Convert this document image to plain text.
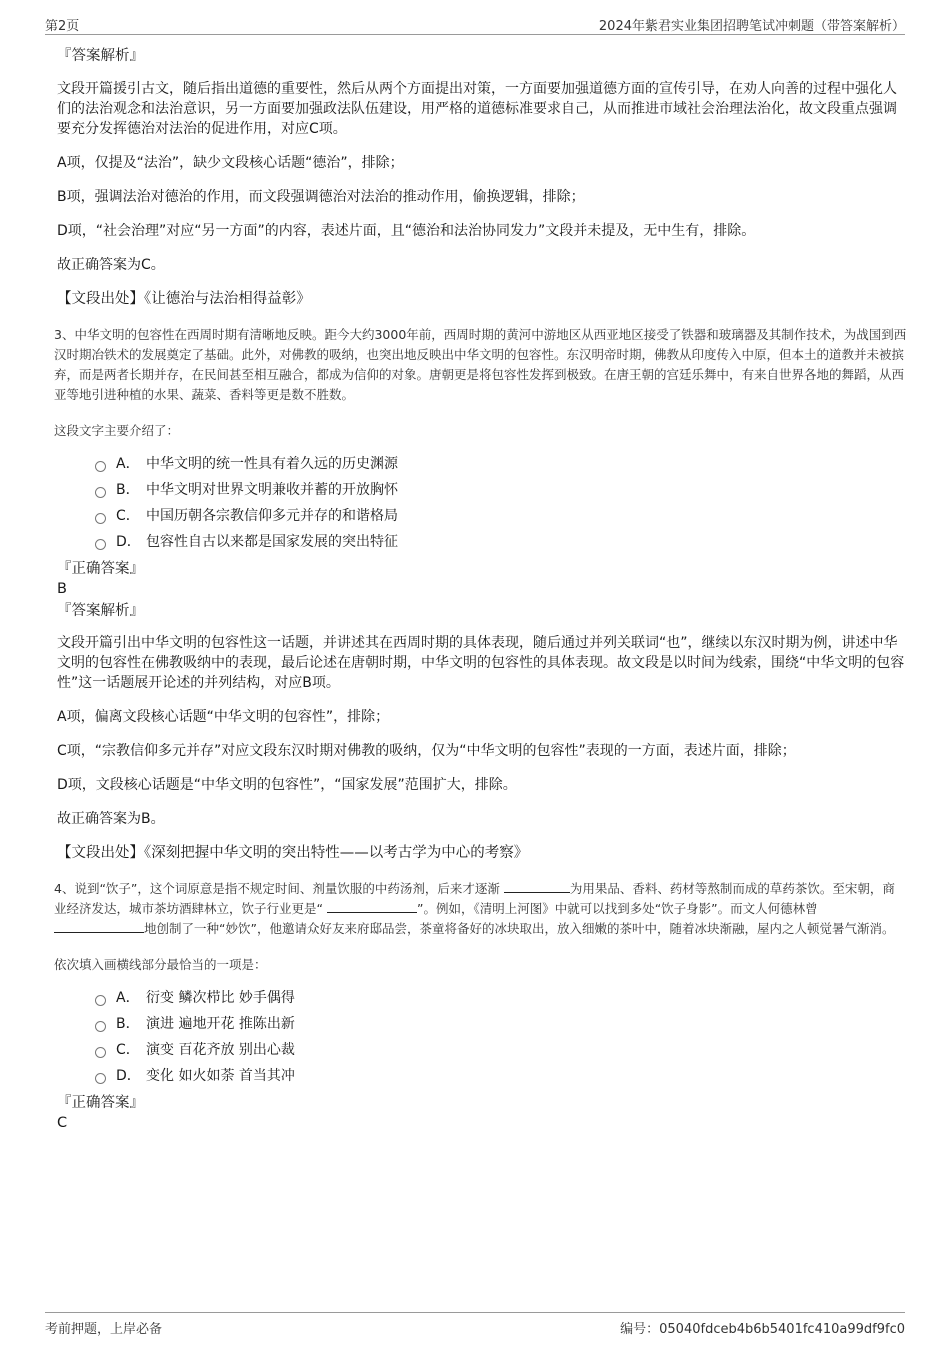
第2页	2024年紫君实业集团招聘笔试冲刺题（带答案解析）
『答案解析』
文段开篇援引古文，随后指出道德的重要性，然后从两个方面提出对策，一方面要加强道德方面的宣传引导，在劝人向善的过程中强化人们的法治观念和法治意识，另一方面要加强政法队伍建设，用严格的道德标准要求自己，从而推进市域社会治理法治化，故文段重点强调要充分发挥德治对法治的促进作用，对应C项。
A项，仅提及“法治”，缺少文段核心话题“德治”，排除；
B项，强调法治对德治的作用，而文段强调德治对法治的推动作用，偷换逻辑，排除；
D项，“社会治理”对应“另一方面”的内容，表述片面，且“德治和法治协同发力”文段并未提及，无中生有，排除。
故正确答案为C。
【文段出处】《让德治与法治相得益彰》
3、中华文明的包容性在西周时期有清晰地反映。距今大约3000年前，西周时期的黄河中游地区从西亚地区接受了铁器和玻璃器及其制作技术，为战国到西汉时期冶铁术的发展奠定了基础。此外，对佛教的吸纳，也突出地反映出中华文明的包容性。东汉明帝时期，佛教从印度传入中原，但本土的道教并未被摈弃，而是两者长期并存，在民间甚至相互融合，都成为信仰的对象。唐朝更是将包容性发挥到极致。在唐王朝的宫廷乐舞中，有来自世界各地的舞蹈，从西亚等地引进种植的水果、蔬菜、香料等更是数不胜数。
这段文字主要介绍了：
A． 中华文明的统一性具有着久远的历史渊源
B． 中华文明对世界文明兼收并蓄的开放胸怀
C． 中国历朝各宗教信仰多元并存的和谐格局
D． 包容性自古以来都是国家发展的突出特征
『正确答案』
B
『答案解析』
文段开篇引出中华文明的包容性这一话题，并讲述其在西周时期的具体表现，随后通过并列关联词“也”，继续以东汉时期为例，讲述中华文明的包容性在佛教吸纳中的表现，最后论述在唐朝时期，中华文明的包容性的具体表现。故文段是以时间为线索，围绕“中华文明的包容性”这一话题展开论述的并列结构，对应B项。
A项，偏离文段核心话题“中华文明的包容性”，排除；
C项，“宗教信仰多元并存”对应文段东汉时期对佛教的吸纳，仅为“中华文明的包容性”表现的一方面，表述片面，排除；
D项，文段核心话题是“中华文明的包容性”，“国家发展”范围扩大，排除。
故正确答案为B。
【文段出处】《深刻把握中华文明的突出特性——以考古学为中心的考察》
4、说到“饮子”，这个词原意是指不规定时间、剂量饮服的中药汤剂，后来才逐渐	为用果品、香料、药材等熬制而成的草药茶饮。至宋朝，商业经济发达，城市茶坊酒肆林立，饮子行业更是“	”。例如，《清明上河图》中就可以找到多处“饮子身影”。而文人何德林曾 地创制了一种“妙饮”，他邀请众好友来府邸品尝，茶童将备好的冰块取出，放入细嫩的茶叶中，随着冰块渐融，屋内之人顿觉暑气渐消。
依次填入画横线部分最恰当的一项是：
A． 衍变 鳞次栉比 妙手偶得
B． 演进 遍地开花 推陈出新
C． 演变 百花齐放 别出心裁
D． 变化 如火如荼 首当其冲
『正确答案』
C
考前押题，上岸必备	编号：05040fdceb4b6b5401fc410a99df9fc0
